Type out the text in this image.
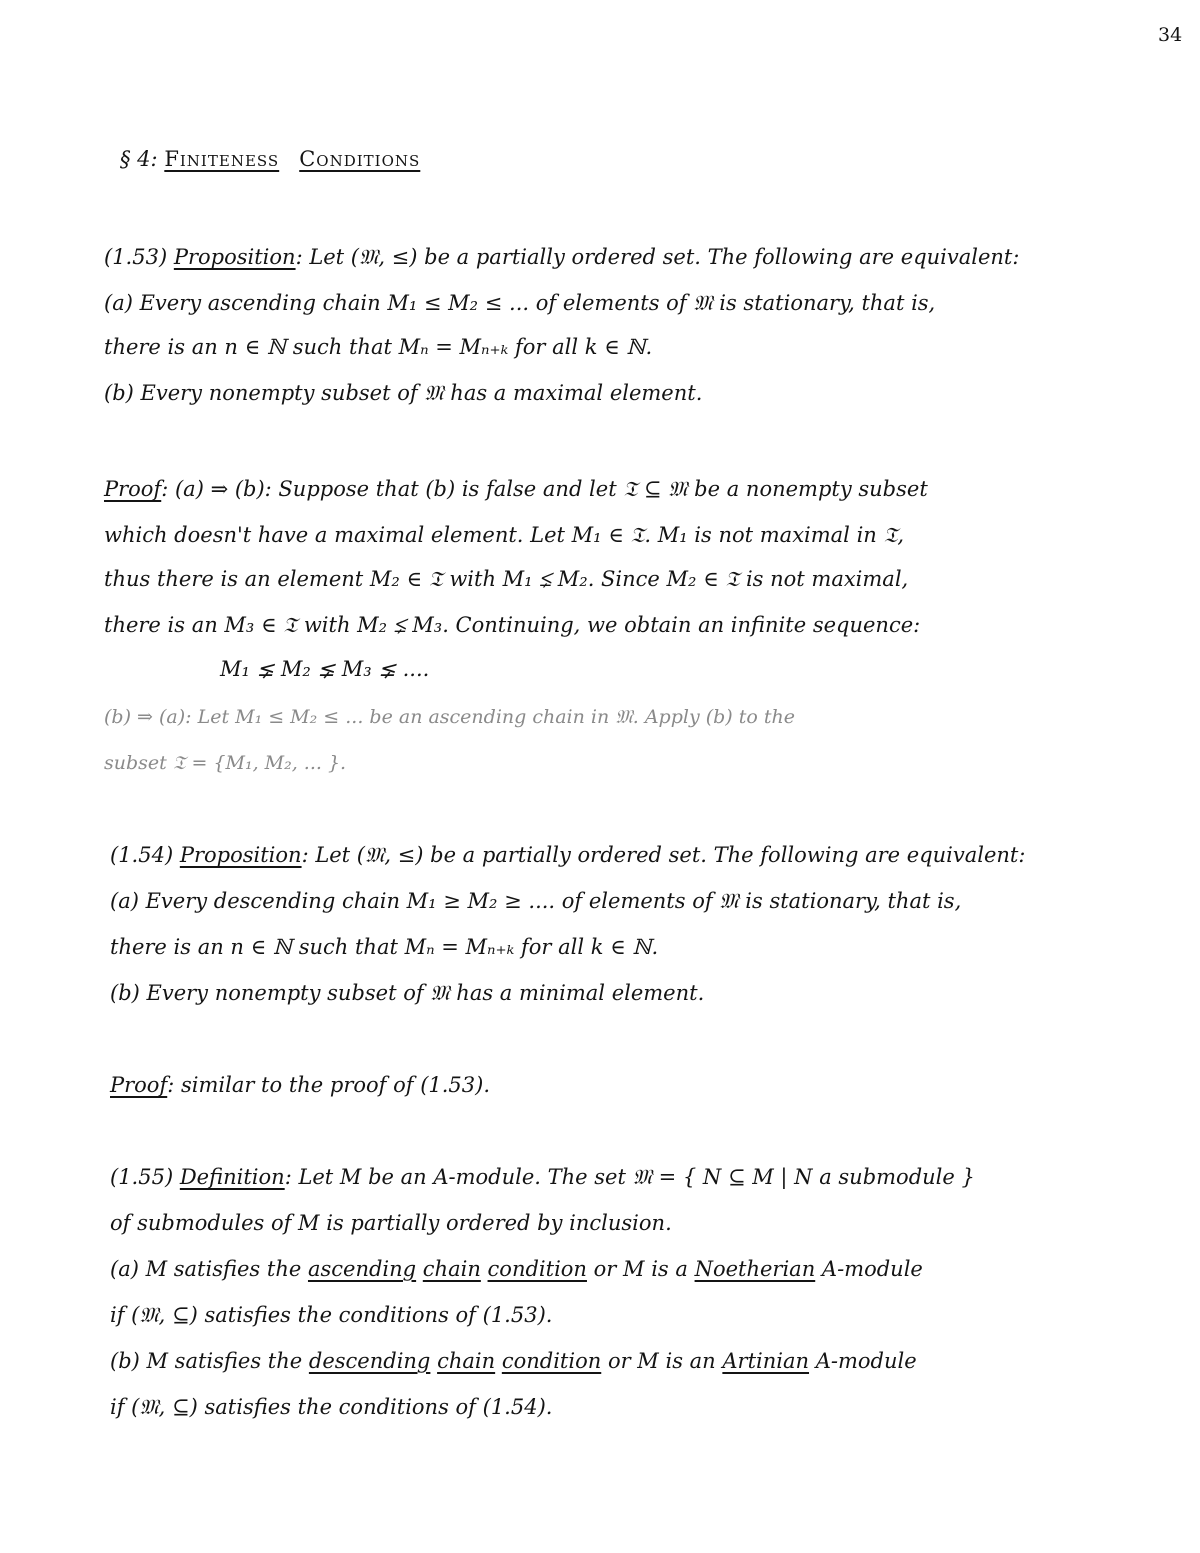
34
§ 4: Finiteness Conditions
(1.53) Proposition: Let (𝔐, ≤) be a partially ordered set. The following are equivalent:
(a) Every ascending chain M₁ ≤ M₂ ≤ ... of elements of 𝔐 is stationary, that is,
there is an n ∈ ℕ such that Mₙ = Mₙ₊ₖ for all k ∈ ℕ.
(b) Every nonempty subset of 𝔐 has a maximal element.
Proof: (a) ⇒ (b): Suppose that (b) is false and let 𝔗 ⊆ 𝔐 be a nonempty subset
which doesn't have a maximal element. Let M₁ ∈ 𝔗. M₁ is not maximal in 𝔗,
thus there is an element M₂ ∈ 𝔗 with M₁ ⪇ M₂. Since M₂ ∈ 𝔗 is not maximal,
there is an M₃ ∈ 𝔗 with M₂ ⪇ M₃. Continuing, we obtain an infinite sequence:
M₁ ⪇ M₂ ⪇ M₃ ⪇ ....
(b) ⇒ (a): Let M₁ ≤ M₂ ≤ ... be an ascending chain in 𝔐. Apply (b) to the
subset 𝔗 = {M₁, M₂, ... }.
(1.54) Proposition: Let (𝔐, ≤) be a partially ordered set. The following are equivalent:
(a) Every descending chain M₁ ≥ M₂ ≥ .... of elements of 𝔐 is stationary, that is,
there is an n ∈ ℕ such that Mₙ = Mₙ₊ₖ for all k ∈ ℕ.
(b) Every nonempty subset of 𝔐 has a minimal element.
Proof: similar to the proof of (1.53).
(1.55) Definition: Let M be an A-module. The set 𝔐 = { N ⊆ M | N a submodule }
of submodules of M is partially ordered by inclusion.
(a) M satisfies the ascending chain condition or M is a Noetherian A-module
if (𝔐, ⊆) satisfies the conditions of (1.53).
(b) M satisfies the descending chain condition or M is an Artinian A-module
if (𝔐, ⊆) satisfies the conditions of (1.54).
